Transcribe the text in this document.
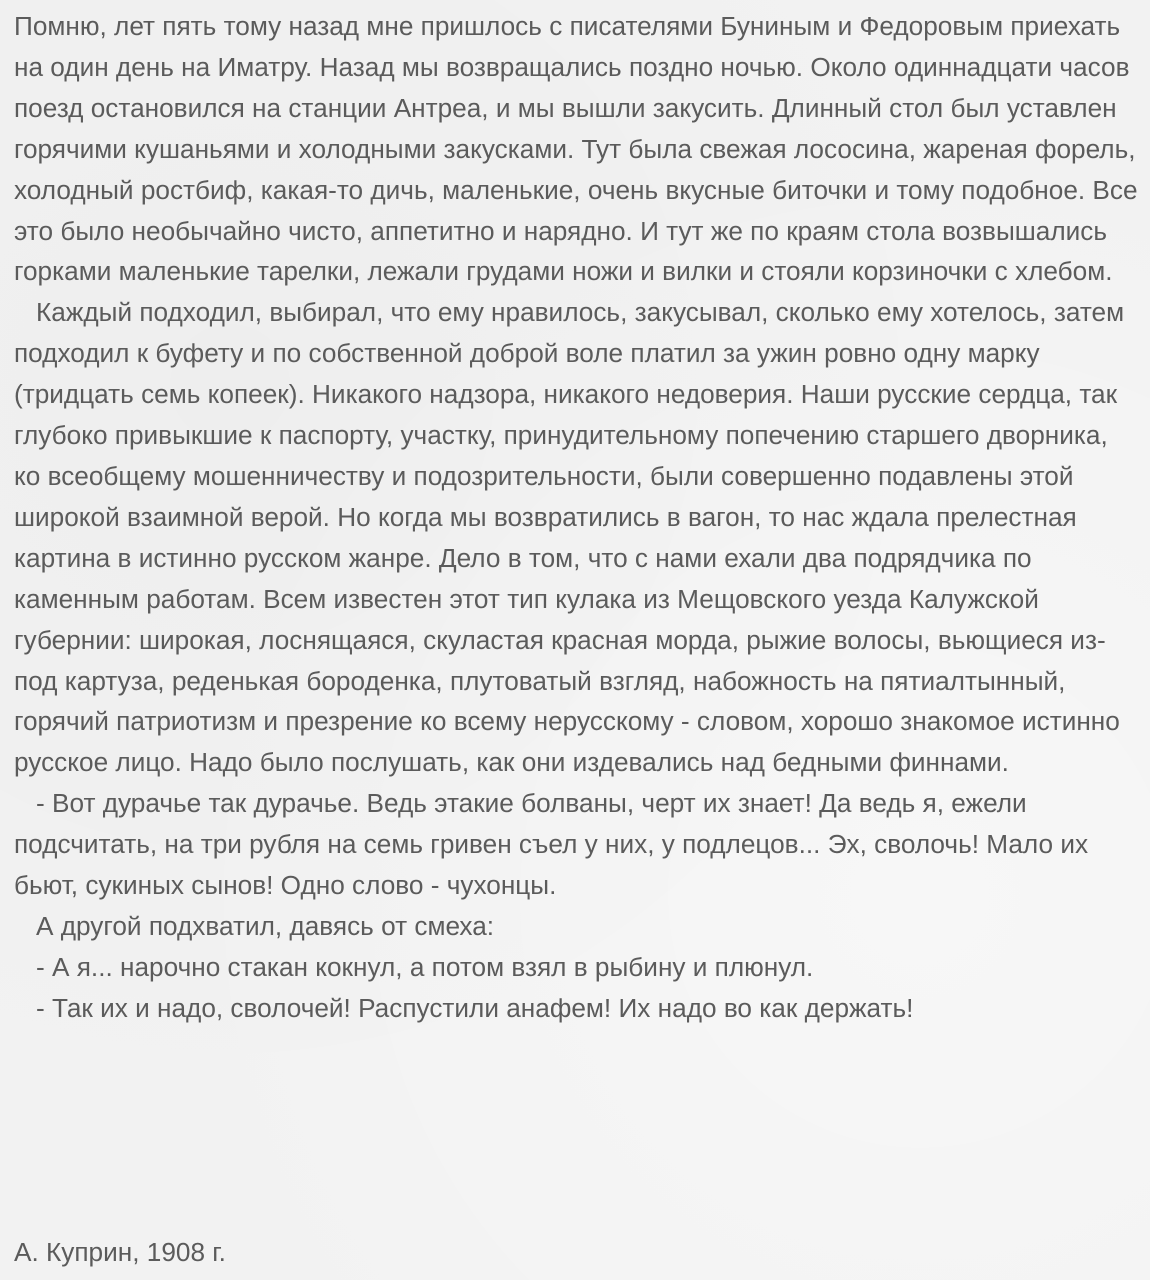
Помню, лет пять тому назад мне пришлось с писателями Буниным и Федоровым приехать на один день на Иматру. Назад мы возвращались поздно ночью. Около одиннадцати часов поезд остановился на станции Антреа, и мы вышли закусить. Длинный стол был уставлен горячими кушаньями и холодными закусками. Тут была свежая лососина, жареная форель, холодный ростбиф, какая-то дичь, маленькие, очень вкусные биточки и тому подобное. Все это было необычайно чисто, аппетитно и нарядно. И тут же по краям стола возвышались горками маленькие тарелки, лежали грудами ножи и вилки и стояли корзиночки с хлебом.

Каждый подходил, выбирал, что ему нравилось, закусывал, сколько ему хотелось, затем подходил к буфету и по собственной доброй воле платил за ужин ровно одну марку (тридцать семь копеек). Никакого надзора, никакого недоверия. Наши русские сердца, так глубоко привыкшие к паспорту, участку, принудительному попечению старшего дворника, ко всеобщему мошенничеству и подозрительности, были совершенно подавлены этой широкой взаимной верой. Но когда мы возвратились в вагон, то нас ждала прелестная картина в истинно русском жанре. Дело в том, что с нами ехали два подрядчика по каменным работам. Всем известен этот тип кулака из Мещовского уезда Калужской губернии: широкая, лоснящаяся, скуластая красная морда, рыжие волосы, вьющиеся из-под картуза, реденькая бороденка, плутоватый взгляд, набожность на пятиалтынный, горячий патриотизм и презрение ко всему нерусскому - словом, хорошо знакомое истинно русское лицо. Надо было послушать, как они издевались над бедными финнами.

- Вот дурачье так дурачье. Ведь этакие болваны, черт их знает! Да ведь я, ежели подсчитать, на три рубля на семь гривен съел у них, у подлецов... Эх, сволочь! Мало их бьют, сукиных сынов! Одно слово - чухонцы.

А другой подхватил, давясь от смеха:

- А я... нарочно стакан кокнул, а потом взял в рыбину и плюнул.

- Так их и надо, сволочей! Распустили анафем! Их надо во как держать!

А. Куприн, 1908 г.
